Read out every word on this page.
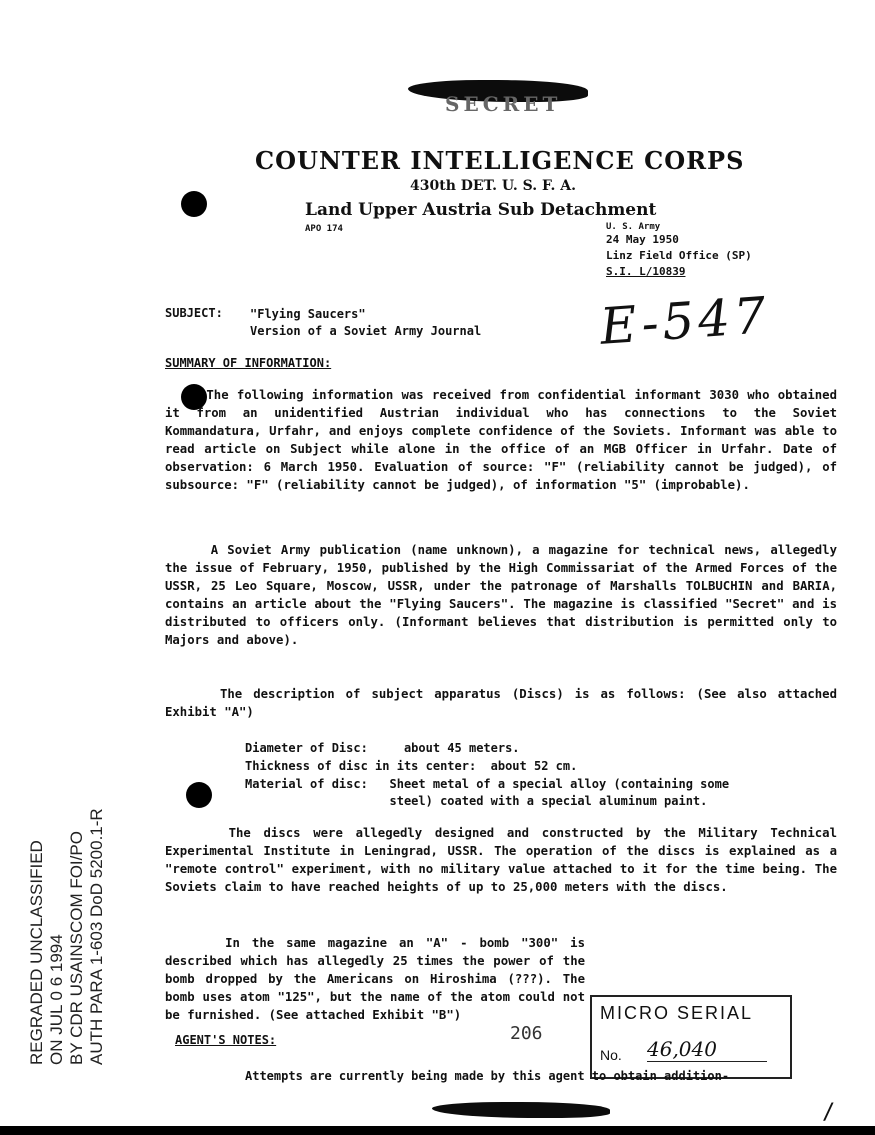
SECRET
COUNTER INTELLIGENCE CORPS
430th DET. U. S. F. A.
Land Upper Austria Sub Detachment
APO 174	U. S. Army
24 May 1950
Linz Field Office (SP)
S.I. L/10839
SUBJECT: "Flying Saucers"
Version of a Soviet Army Journal E-547
SUMMARY OF INFORMATION:
The following information was received from confidential informant 3030 who obtained it from an unidentified Austrian individual who has connections to the Soviet Kommandatura, Urfahr, and enjoys complete confidence of the Soviets. Informant was able to read article on Subject while alone in the office of an MGB Officer in Urfahr. Date of observation: 6 March 1950. Evaluation of source: "F" (reliability cannot be judged), of subsource: "F" (reliability cannot be judged), of information "5" (improbable).
A Soviet Army publication (name unknown), a magazine for technical news, allegedly the issue of February, 1950, published by the High Commissariat of the Armed Forces of the USSR, 25 Leo Square, Moscow, USSR, under the patronage of Marshalls TOLBUCHIN and BARIA, contains an article about the "Flying Saucers". The magazine is classified "Secret" and is distributed to officers only. (Informant believes that distribution is permitted only to Majors and above).
The description of subject apparatus (Discs) is as follows: (See also attached Exhibit "A")
Diameter of Disc:     about 45 meters.
Thickness of disc in its center:  about 52 cm.
Material of disc:   Sheet metal of a special alloy (containing some
steel) coated with a special aluminum paint.
The discs were allegedly designed and constructed by the Military Technical Experimental Institute in Leningrad, USSR. The operation of the discs is explained as a "remote control" experiment, with no military value attached to it for the time being. The Soviets claim to have reached heights of up to 25,000 meters with the discs.
In the same magazine an "A" - bomb "300" is described which has allegedly 25 times the power of the bomb dropped by the Americans on Hiroshima (???). The bomb uses atom "125", but the name of the atom could not be furnished. (See attached Exhibit "B")
REGRADED UNCLASSIFIED ON JUL 0 6 1994 BY CDR USAINSCOM FOI/PO AUTH PARA 1-603 DoD 5200.1-R	MICRO SERIAL
No. 46,040
206
AGENT'S NOTES:
Attempts are currently being made by this agent to obtain addition-
/
